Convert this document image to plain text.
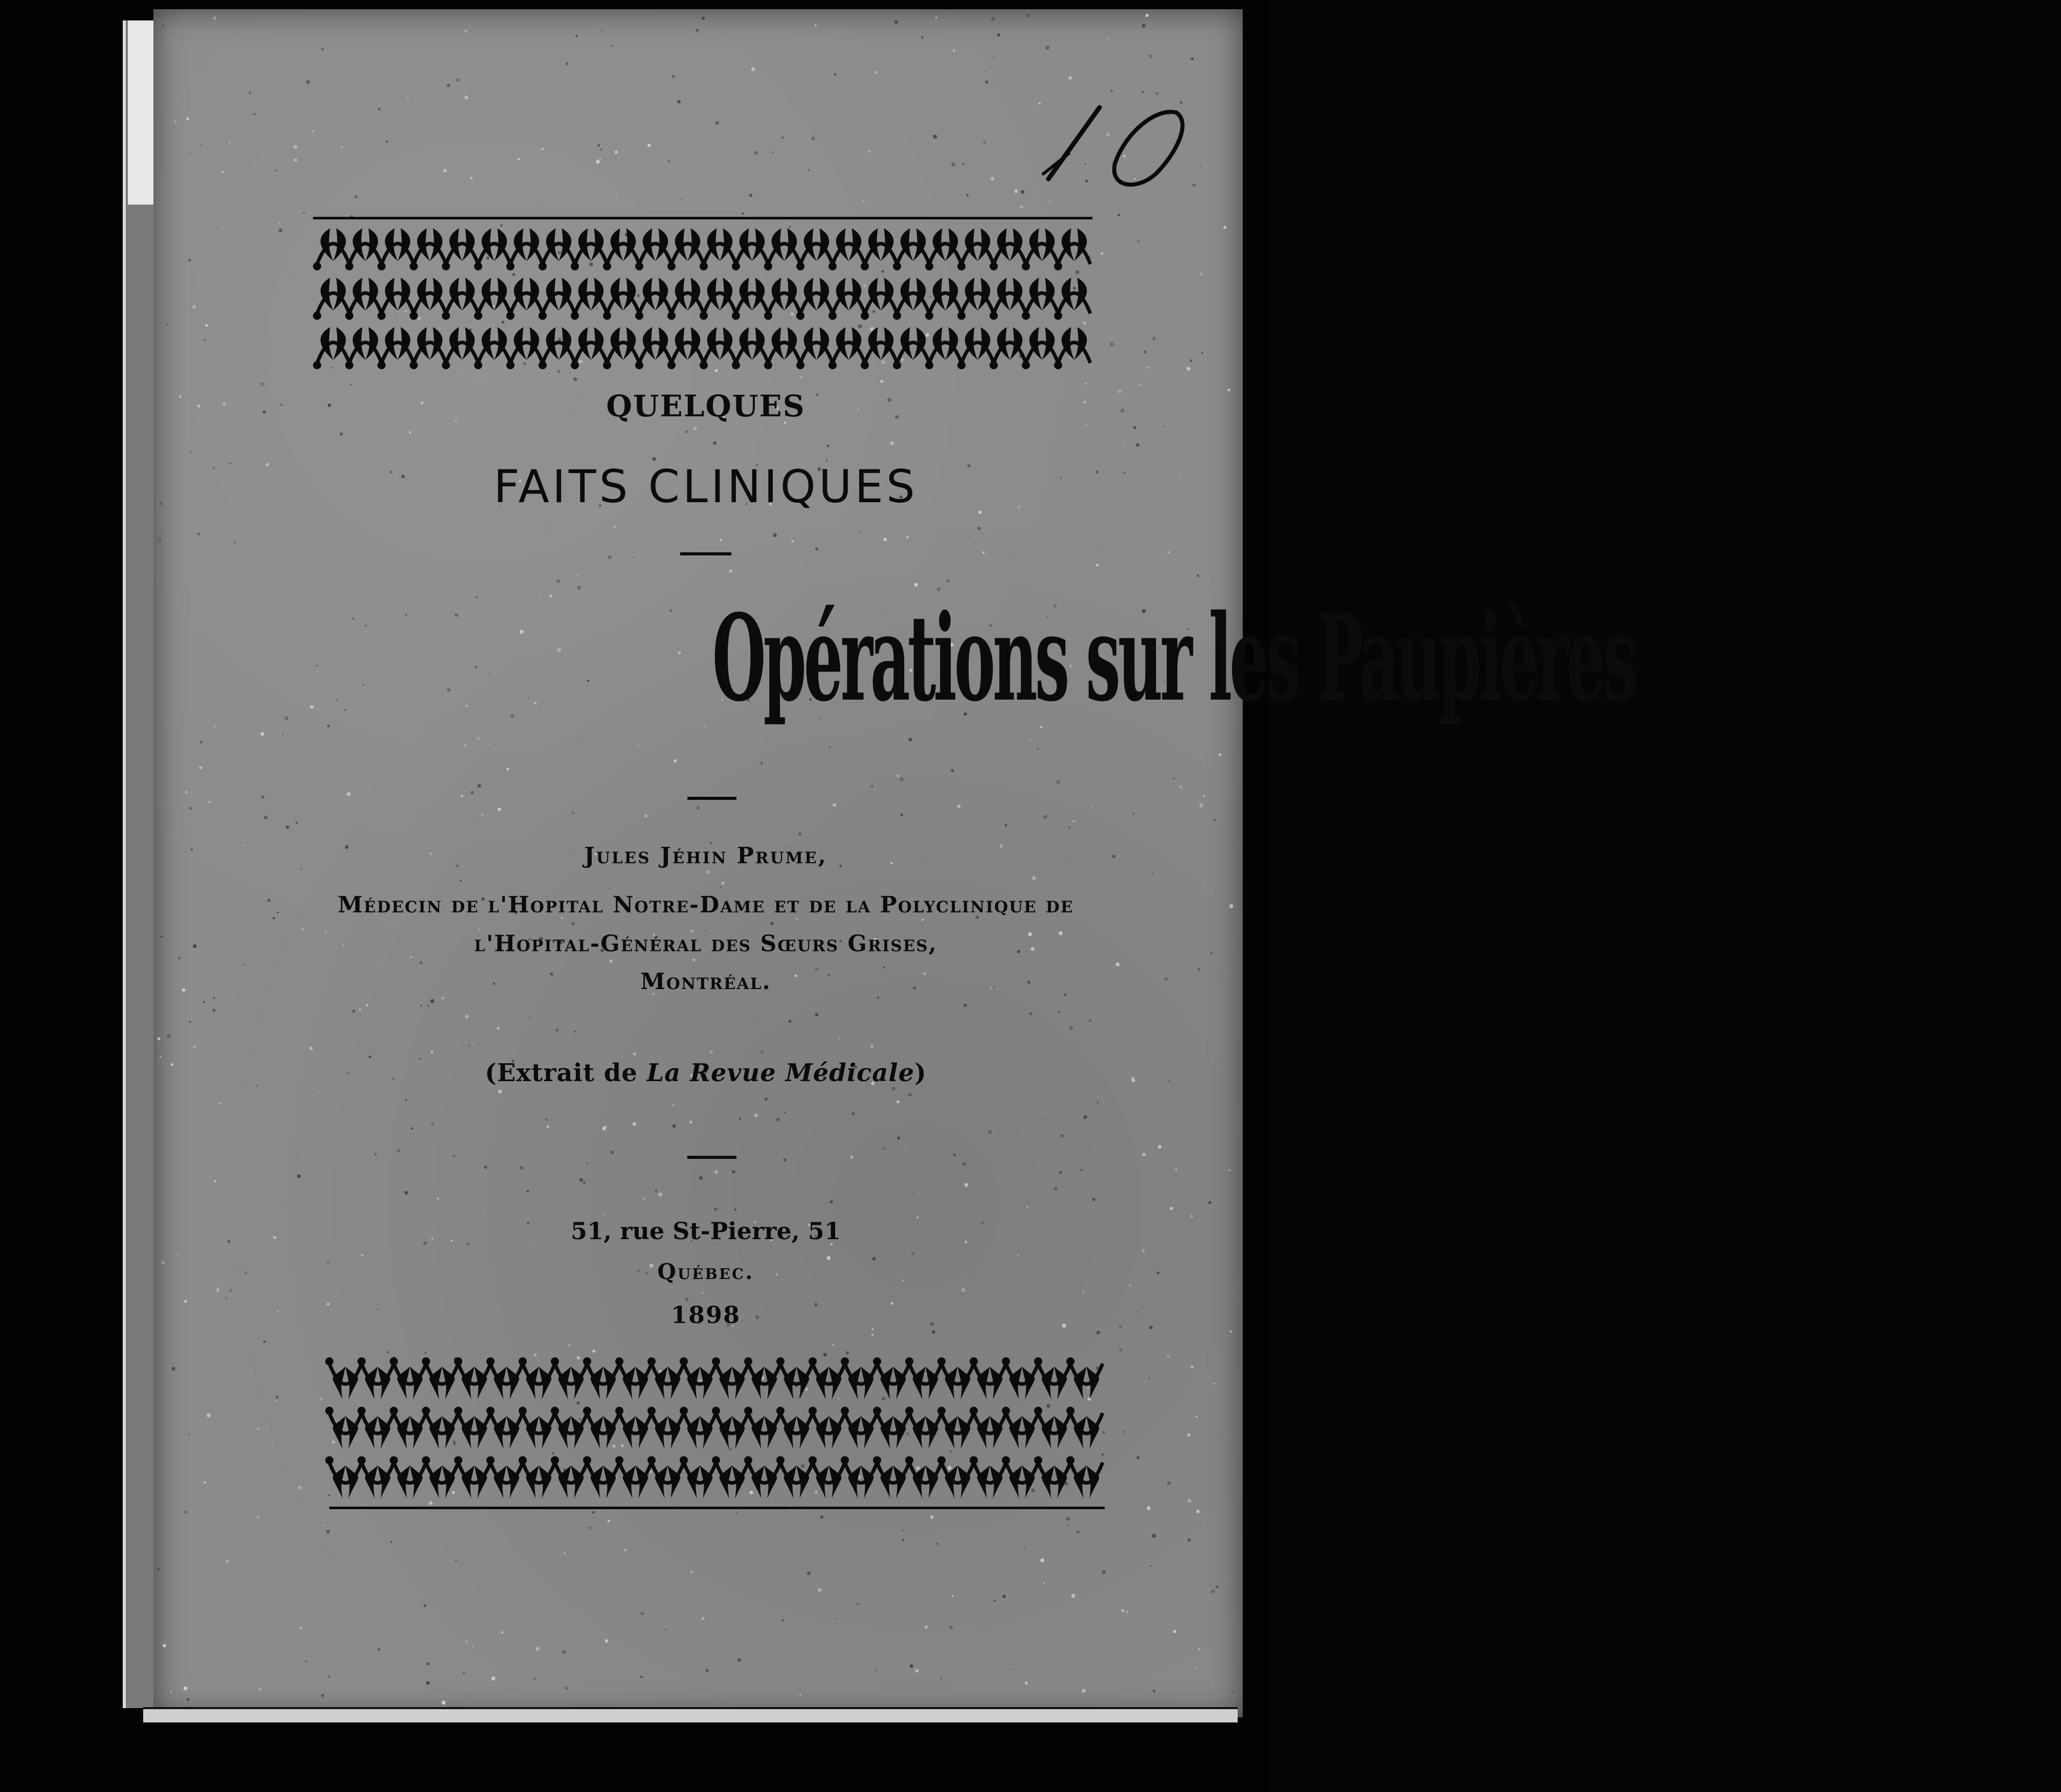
QUELQUES

FAITS CLINIQUES

Opérations sur les Paupières

Jules Jéhin Prume,

Médecin de l'Hopital Notre-Dame et de la Polyclinique de

l'Hopital-Général des Sœurs Grises,

Montréal.

(Extrait de La Revue Médicale)

51, rue St-Pierre, 51

Québec.

1898
